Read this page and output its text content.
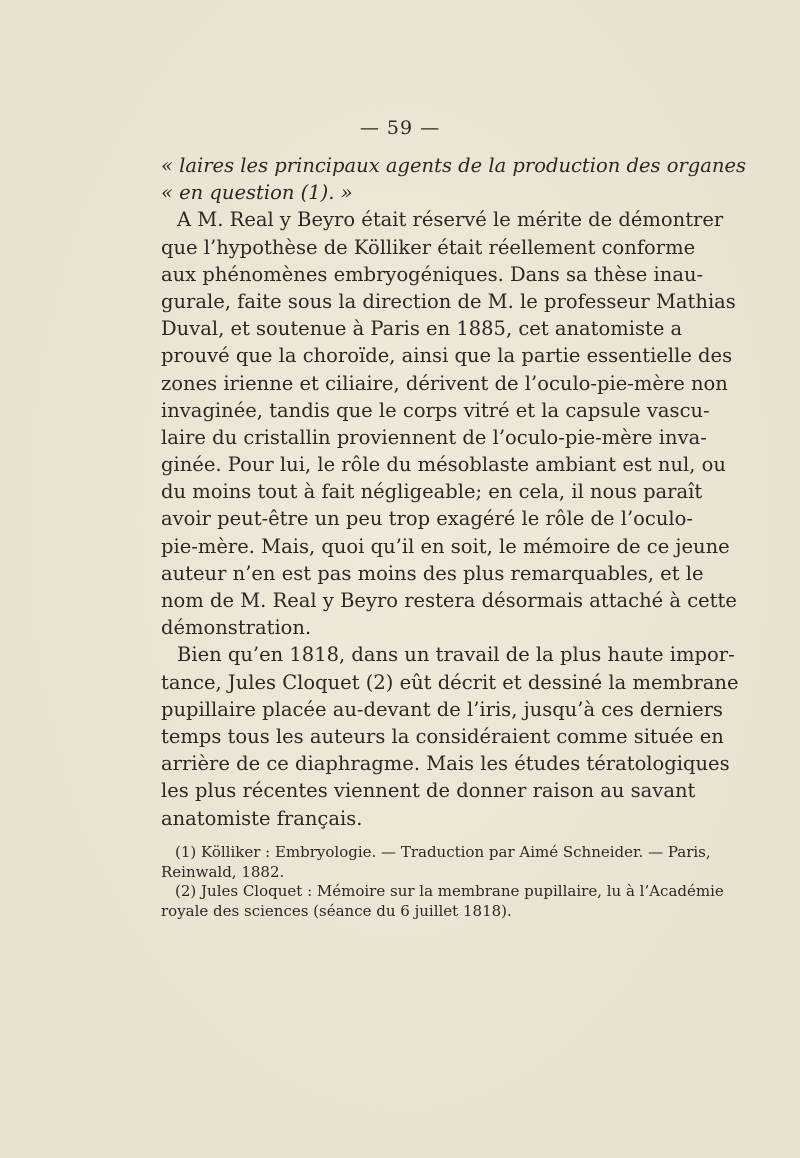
— 59 —
« laires les principaux agents de la production des organes
« en question (1). »
A M. Real y Beyro était réservé le mérite de démontrer
que l’hypothèse de Kölliker était réellement conforme
aux phénomènes embryogéniques. Dans sa thèse inau-
gurale, faite sous la direction de M. le professeur Mathias
Duval, et soutenue à Paris en 1885, cet anatomiste a
prouvé que la choroïde, ainsi que la partie essentielle des
zones irienne et ciliaire, dérivent de l’oculo-pie-mère non
invaginée, tandis que le corps vitré et la capsule vascu-
laire du cristallin proviennent de l’oculo-pie-mère inva-
ginée. Pour lui, le rôle du mésoblaste ambiant est nul, ou
du moins tout à fait négligeable; en cela, il nous paraît
avoir peut-être un peu trop exagéré le rôle de l’oculo-
pie-mère. Mais, quoi qu’il en soit, le mémoire de ce jeune
auteur n’en est pas moins des plus remarquables, et le
nom de M. Real y Beyro restera désormais attaché à cette
démonstration.
Bien qu’en 1818, dans un travail de la plus haute impor-
tance, Jules Cloquet (2) eût décrit et dessiné la membrane
pupillaire placée au-devant de l’iris, jusqu’à ces derniers
temps tous les auteurs la considéraient comme située en
arrière de ce diaphragme. Mais les études tératologiques
les plus récentes viennent de donner raison au savant
anatomiste français.
(1) Kölliker : Embryologie. — Traduction par Aimé Schneider. — Paris,
Reinwald, 1882.
(2) Jules Cloquet : Mémoire sur la membrane pupillaire, lu à l’Académie
royale des sciences (séance du 6 juillet 1818).
